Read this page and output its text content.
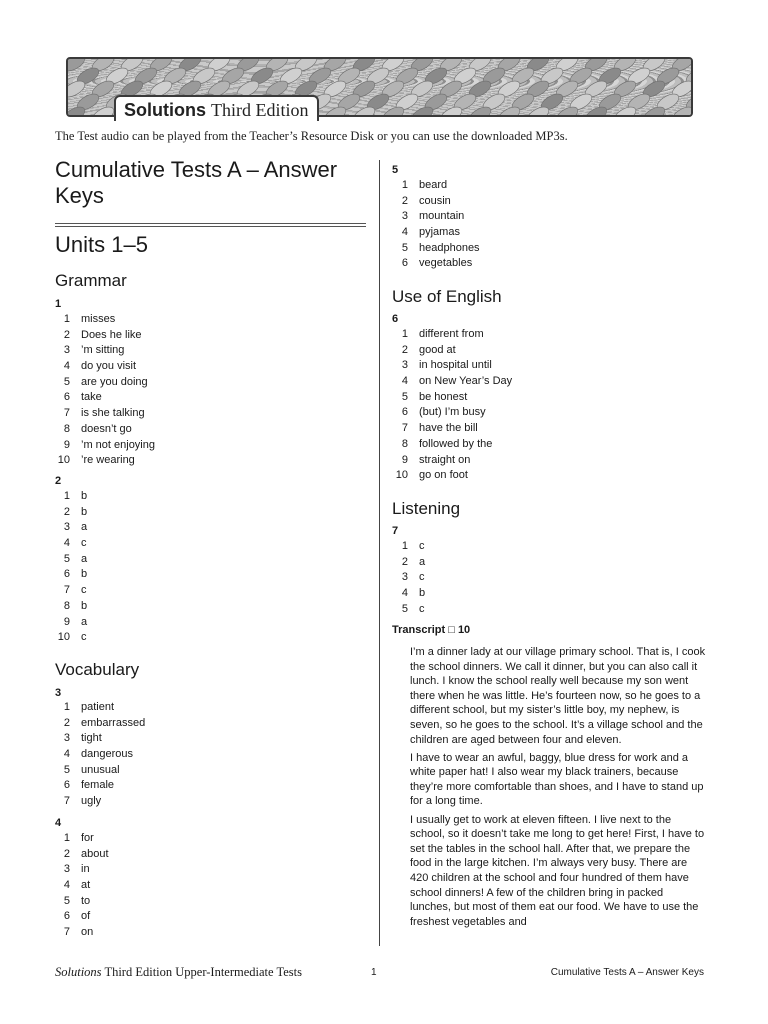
Solutions Third Edition
The Test audio can be played from the Teacher’s Resource Disk or you can use the downloaded MP3s.
Cumulative Tests A – Answer
Keys
Units 1–5
Grammar
1
1 misses
2 Does he like
3 ’m sitting
4 do you visit
5 are you doing
6 take
7 is she talking
8 doesn’t go
9 ’m not enjoying
10 ’re wearing
2
1 b
2 b
3 a
4 c
5 a
6 b
7 c
8 b
9 a
10 c
Vocabulary
3
1 patient
2 embarrassed
3 tight
4 dangerous
5 unusual
6 female
7 ugly
4
1 for
2 about
3 in
4 at
5 to
6 of
7 on
5
1 beard
2 cousin
3 mountain
4 pyjamas
5 headphones
6 vegetables
Use of English
6
1 different from
2 good at
3 in hospital until
4 on New Year’s Day
5 be honest
6 (but) I’m busy
7 have the bill
8 followed by the
9 straight on
10 go on foot
Listening
7
1 c
2 a
3 c
4 b
5 c
Transcript □ 10

I’m a dinner lady at our village primary school. That is, I cook the school dinners. We call it dinner, but you can also call it lunch. I know the school really well because my son went there when he was little. He’s fourteen now, so he goes to a different school, but my sister’s little boy, my nephew, is seven, so he goes to the school. It’s a village school and the children are aged between four and eleven.

I have to wear an awful, baggy, blue dress for work and a white paper hat! I also wear my black trainers, because they’re more comfortable than shoes, and I have to stand up for a long time.

I usually get to work at eleven fifteen. I live next to the school, so it doesn’t take me long to get here! First, I have to set the tables in the school hall. After that, we prepare the food in the large kitchen. I’m always very busy. There are 420 children at the school and four hundred of them have school dinners! A few of the children bring in packed lunches, but most of them eat our food. We have to use the freshest vegetables and

Solutions Third Edition Upper-Intermediate Tests	1	Cumulative Tests A – Answer Keys
